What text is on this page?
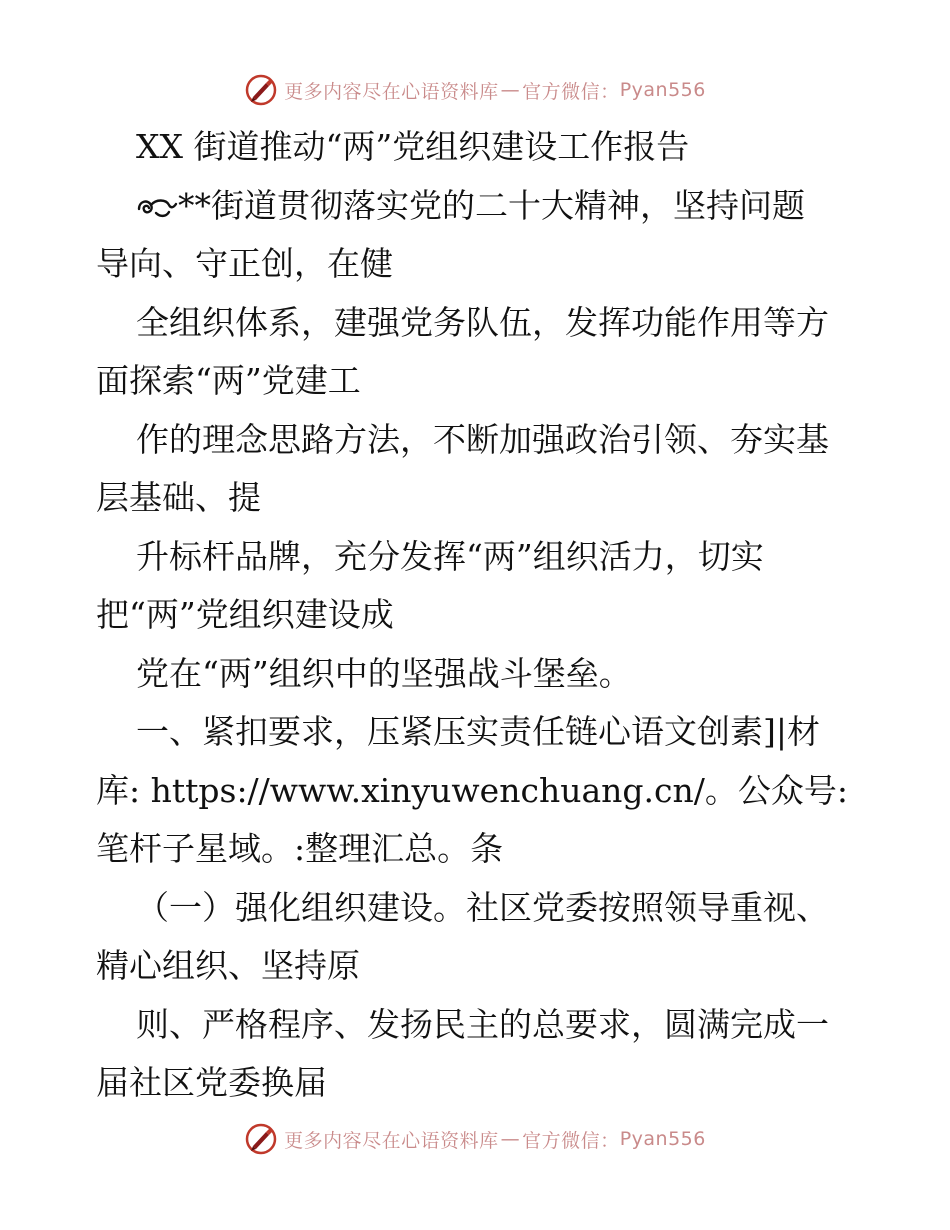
更多内容尽在心语资料库 — 官方微信： Pyan556
XX 街道推动“两”党组织建设工作报告
**街道贯彻落实党的二十大精神，坚持问题
导向、守正创，在健
全组织体系，建强党务队伍，发挥功能作用等方
面探索“两”党建工
作的理念思路方法，不断加强政治引领、夯实基
层基础、提
升标杆品牌，充分发挥“两”组织活力，切实
把“两”党组织建设成
党在“两”组织中的坚强战斗堡垒。
一、紧扣要求，压紧压实责任链心语文创素]|材
库: https://www.xinyuwenchuang.cn/。公众号:
笔杆子星域。:整理汇总。条
（一）强化组织建设。社区党委按照领导重视、
精心组织、坚持原
则、严格程序、发扬民主的总要求，圆满完成一
届社区党委换届
更多内容尽在心语资料库 — 官方微信： Pyan556
